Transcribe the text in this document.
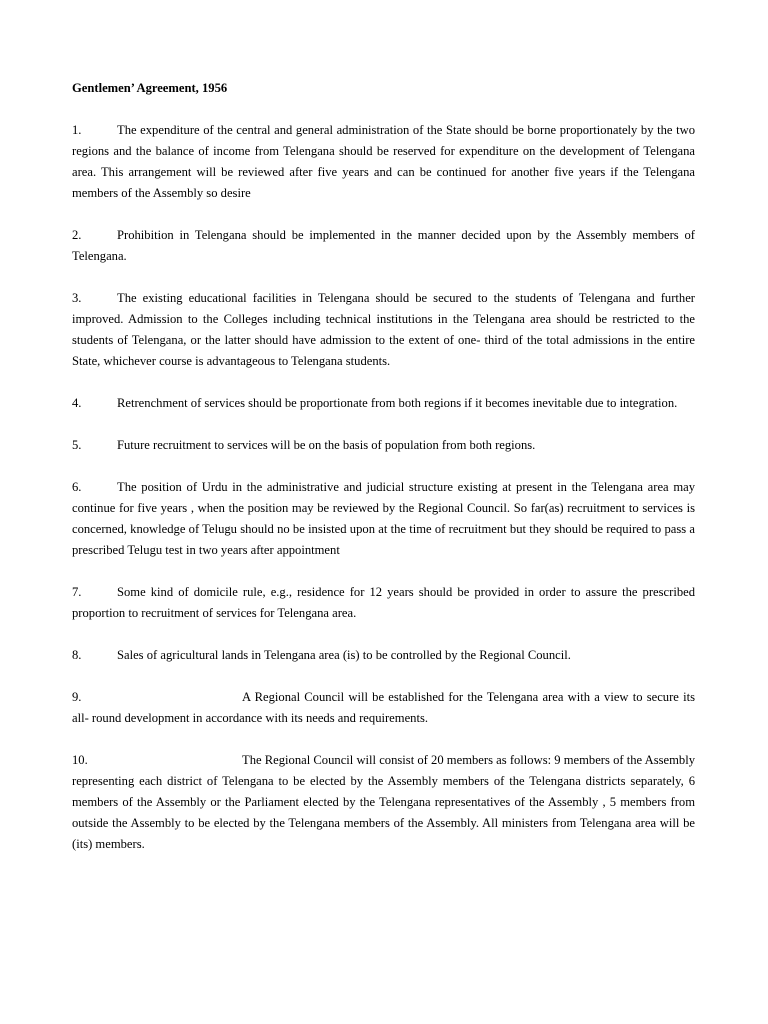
Gentlemen’ Agreement, 1956

1.	The expenditure of the central and general administration of the State should be borne proportionately by the two regions and the balance of income from Telengana should be reserved for expenditure on the development of Telengana area. This arrangement will be reviewed after five years and can be continued for another five years if the Telengana members of the Assembly so desire

2.	Prohibition in Telengana should be implemented in the manner decided upon by the Assembly members of Telengana.

3.	The existing educational facilities in Telengana should be secured to the students of Telengana and further improved. Admission to the Colleges including technical institutions in the Telengana area should be restricted to the students of Telengana, or the latter should have admission to the extent of one- third of the total admissions in the entire State, whichever course is advantageous to Telengana students.

4.	Retrenchment of services should be proportionate from both regions if it becomes inevitable due to integration.

5.	Future recruitment to services will be on the basis of population from both regions.

6.	The position of Urdu in the administrative and judicial structure existing at present in the Telengana area may continue for five years , when the position may be reviewed by the Regional Council. So far(as) recruitment to services is concerned, knowledge of Telugu should no be insisted upon at the time of recruitment but they should be required to pass a prescribed Telugu test in two years after appointment

7.	Some kind of domicile rule, e.g., residence for 12 years should be provided in order to assure the prescribed proportion to recruitment of services for Telengana area.

8.	Sales of agricultural lands in Telengana area (is) to be controlled by the Regional Council.

9.	A Regional Council will be established for the Telengana area with a view to secure its all- round development in accordance with its needs and requirements.

10.	The Regional Council will consist of 20 members as follows: 9 members of the Assembly representing each district of Telengana to be elected by the Assembly members of the Telengana districts separately, 6 members of the Assembly or the Parliament elected by the Telengana representatives of the Assembly , 5 members from outside the Assembly to be elected by the Telengana members of the Assembly. All ministers from Telengana area will be (its) members.
